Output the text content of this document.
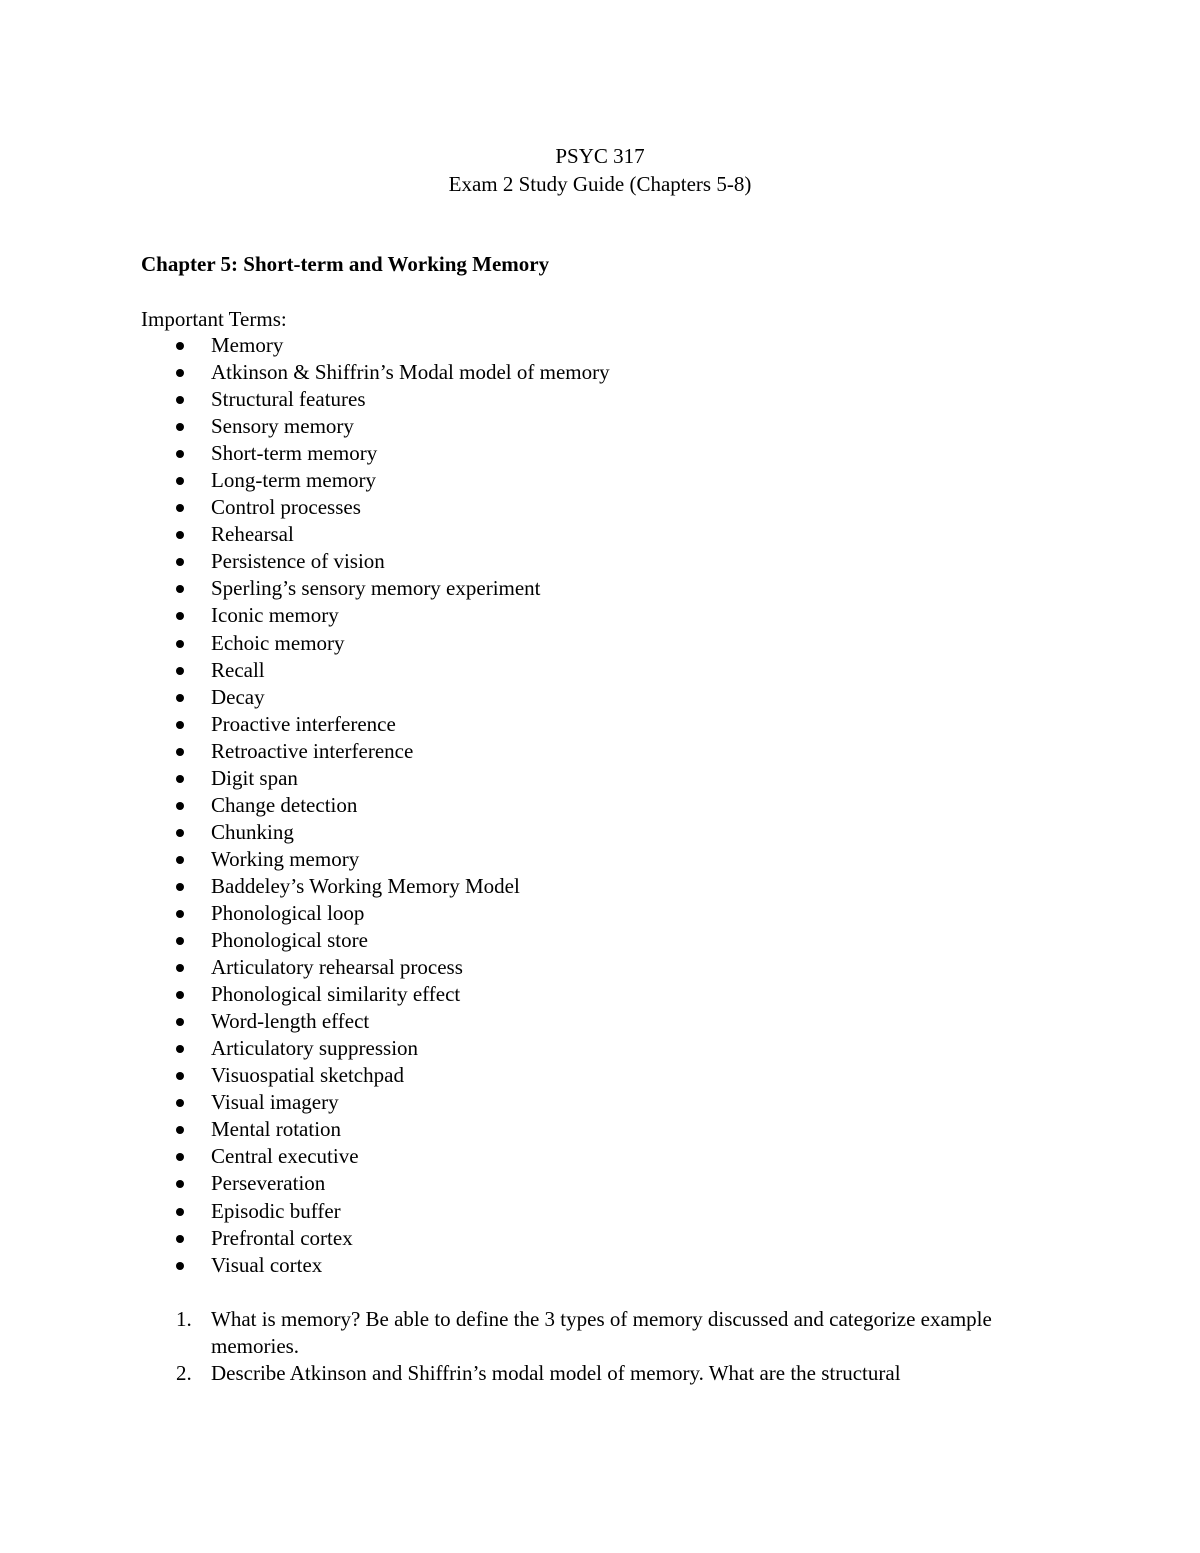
PSYC 317
Exam 2 Study Guide (Chapters 5-8)
Chapter 5: Short-term and Working Memory
Important Terms:
Memory
Atkinson & Shiffrin’s Modal model of memory
Structural features
Sensory memory
Short-term memory
Long-term memory
Control processes
Rehearsal
Persistence of vision
Sperling’s sensory memory experiment
Iconic memory
Echoic memory
Recall
Decay
Proactive interference
Retroactive interference
Digit span
Change detection
Chunking
Working memory
Baddeley’s Working Memory Model
Phonological loop
Phonological store
Articulatory rehearsal process
Phonological similarity effect
Word-length effect
Articulatory suppression
Visuospatial sketchpad
Visual imagery
Mental rotation
Central executive
Perseveration
Episodic buffer
Prefrontal cortex
Visual cortex
1. What is memory? Be able to define the 3 types of memory discussed and categorize example memories.
2. Describe Atkinson and Shiffrin’s modal model of memory. What are the structural
